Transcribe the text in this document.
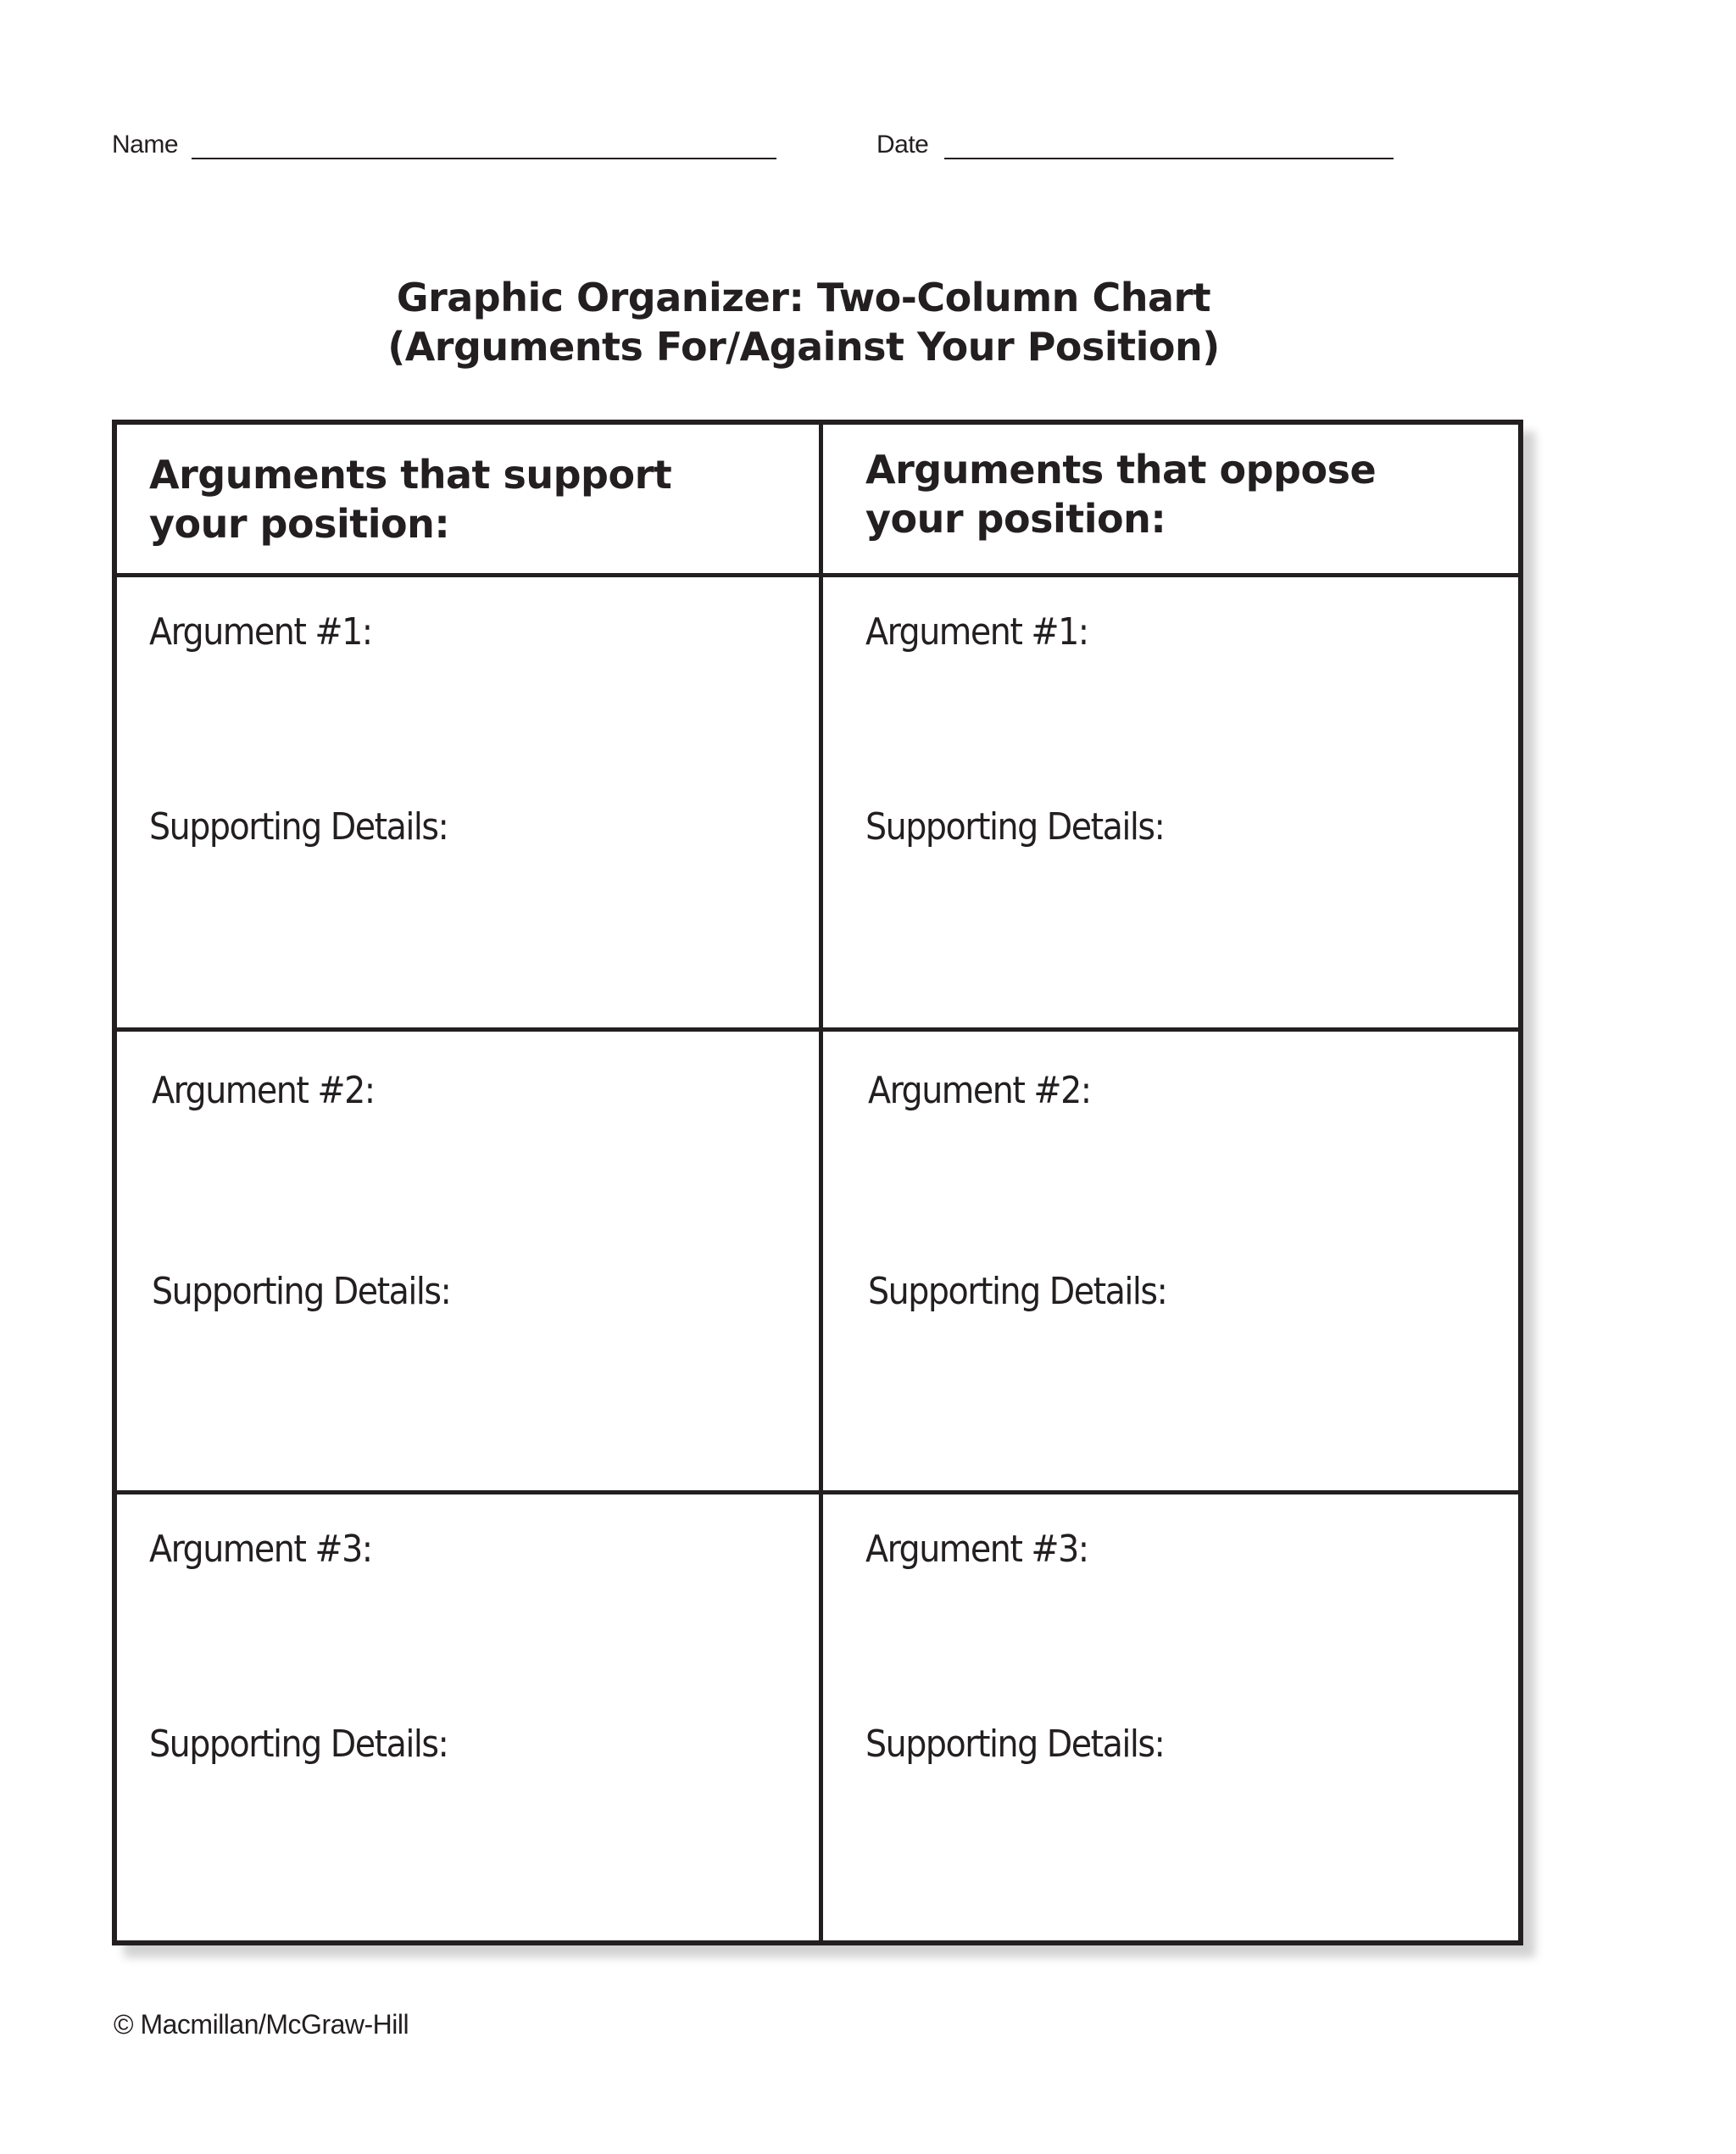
Name	Date
Graphic Organizer: Two-Column Chart
(Arguments For/Against Your Position)
Arguments that support
your position:
Arguments that oppose
your position:
Argument #1:
Supporting Details:
Argument #1:
Supporting Details:
Argument #2:
Supporting Details:
Argument #2:
Supporting Details:
Argument #3:
Supporting Details:
Argument #3:
Supporting Details:
© Macmillan/McGraw-Hill
